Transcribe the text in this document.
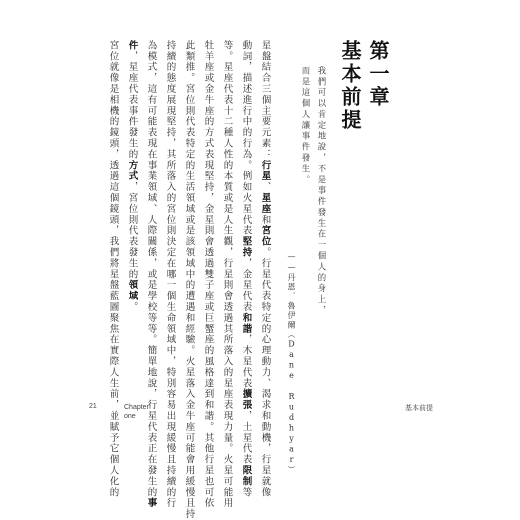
第一章
基本前提
我們可以肯定地說，不是事件發生在一個人的身上，
而是這個人讓事件發生。
——丹恩．魯伊爾（Dane Rudhyar）
星盤結合三個主要元素：行星、星座和宮位。行星代表特定的心理動力、渴求和動機，行星就像
動詞，描述進行中的行為。例如火星代表堅持，金星代表和諧，木星代表擴張，土星代表限制等
等。星座代表十二種人性的本質或是人生觀，行星則會透過其所落入的星座表現力量。火星可能用
牡羊座或金牛座的方式表現堅持，金星則會透過雙子座或巨蟹座的風格達到和諧。其他行星也可依
此類推。宮位則代表特定的生活領域或是該領域中的遭遇和經驗。火星落入金牛座可能會用緩慢且持
持續的態度展現堅持，其所落入的宮位則決定在哪一個生命領域中，特別容易出現緩慢且持續的行
為模式，這有可能表現在事業領域、人際關係，或是學校等等。簡單地說，行星代表正在發生的事
件，星座代表事件發生的方式，宮位則代表發生的領域。
宮位就像是相機的鏡頭，透過這個鏡頭，我們將星盤藍圖聚焦在實際人生前，並賦予它個人化的
21	Chapter
one
基本前提
